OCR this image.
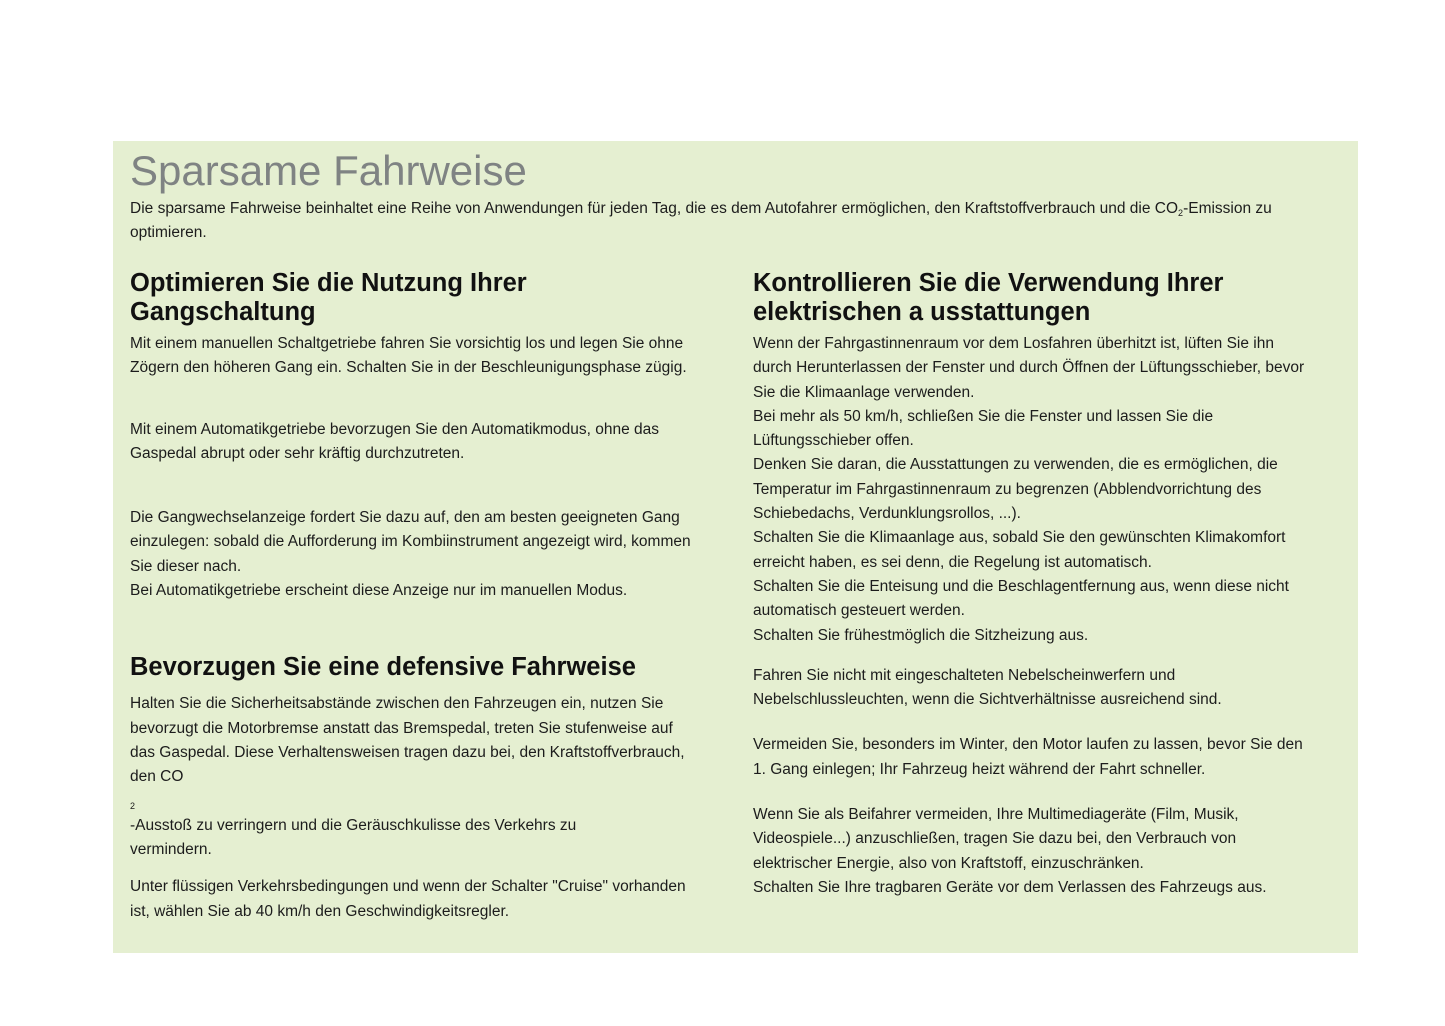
Sparsame Fahrweise

Die sparsame Fahrweise beinhaltet eine Reihe von Anwendungen für jeden Tag, die es dem Autofahrer ermöglichen, den Kraftstoffverbrauch und die $CO_2$-Emission zu
optimieren.

Optimieren Sie die Nutzung Ihrer
Gangschaltung

Mit einem manuellen Schaltgetriebe fahren Sie vorsichtig los und legen Sie ohne
Zögern den höheren Gang ein. Schalten Sie in der Beschleunigungsphase zügig.

Mit einem Automatikgetriebe bevorzugen Sie den Automatikmodus, ohne das
Gaspedal abrupt oder sehr kräftig durchzutreten.

Die Gangwechselanzeige fordert Sie dazu auf, den am besten geeigneten Gang
einzulegen: sobald die Aufforderung im Kombiinstrument angezeigt wird, kommen
Sie dieser nach.
Bei Automatikgetriebe erscheint diese Anzeige nur im manuellen Modus.

Bevorzugen Sie eine defensive Fahrweise

Halten Sie die Sicherheitsabstände zwischen den Fahrzeugen ein, nutzen Sie
bevorzugt die Motorbremse anstatt das Bremspedal, treten Sie stufenweise auf
das Gaspedal. Diese Verhaltensweisen tragen dazu bei, den Kraftstoffverbrauch,
den CO
$_2$
-Ausstoß zu verringern und die Geräuschkulisse des Verkehrs zu
vermindern.

Unter flüssigen Verkehrsbedingungen und wenn der Schalter "Cruise" vorhanden
ist, wählen Sie ab 40 km/h den Geschwindigkeitsregler.

Kontrollieren Sie die Verwendung Ihrer
elektrischen a usstattungen

Wenn der Fahrgastinnenraum vor dem Losfahren überhitzt ist, lüften Sie ihn
durch Herunterlassen der Fenster und durch Öffnen der Lüftungsschieber, bevor
Sie die Klimaanlage verwenden.
Bei mehr als 50 km/h, schließen Sie die Fenster und lassen Sie die
Lüftungsschieber offen.
Denken Sie daran, die Ausstattungen zu verwenden, die es ermöglichen, die
Temperatur im Fahrgastinnenraum zu begrenzen (Abblendvorrichtung des
Schiebedachs, Verdunklungsrollos, ...).
Schalten Sie die Klimaanlage aus, sobald Sie den gewünschten Klimakomfort
erreicht haben, es sei denn, die Regelung ist automatisch.
Schalten Sie die Enteisung und die Beschlagentfernung aus, wenn diese nicht
automatisch gesteuert werden.
Schalten Sie frühestmöglich die Sitzheizung aus.

Fahren Sie nicht mit eingeschalteten Nebelscheinwerfern und
Nebelschlussleuchten, wenn die Sichtverhältnisse ausreichend sind.

Vermeiden Sie, besonders im Winter, den Motor laufen zu lassen, bevor Sie den
1. Gang einlegen; Ihr Fahrzeug heizt während der Fahrt schneller.

Wenn Sie als Beifahrer vermeiden, Ihre Multimediageräte (Film, Musik,
Videospiele...) anzuschließen, tragen Sie dazu bei, den Verbrauch von
elektrischer Energie, also von Kraftstoff, einzuschränken.
Schalten Sie Ihre tragbaren Geräte vor dem Verlassen des Fahrzeugs aus.
